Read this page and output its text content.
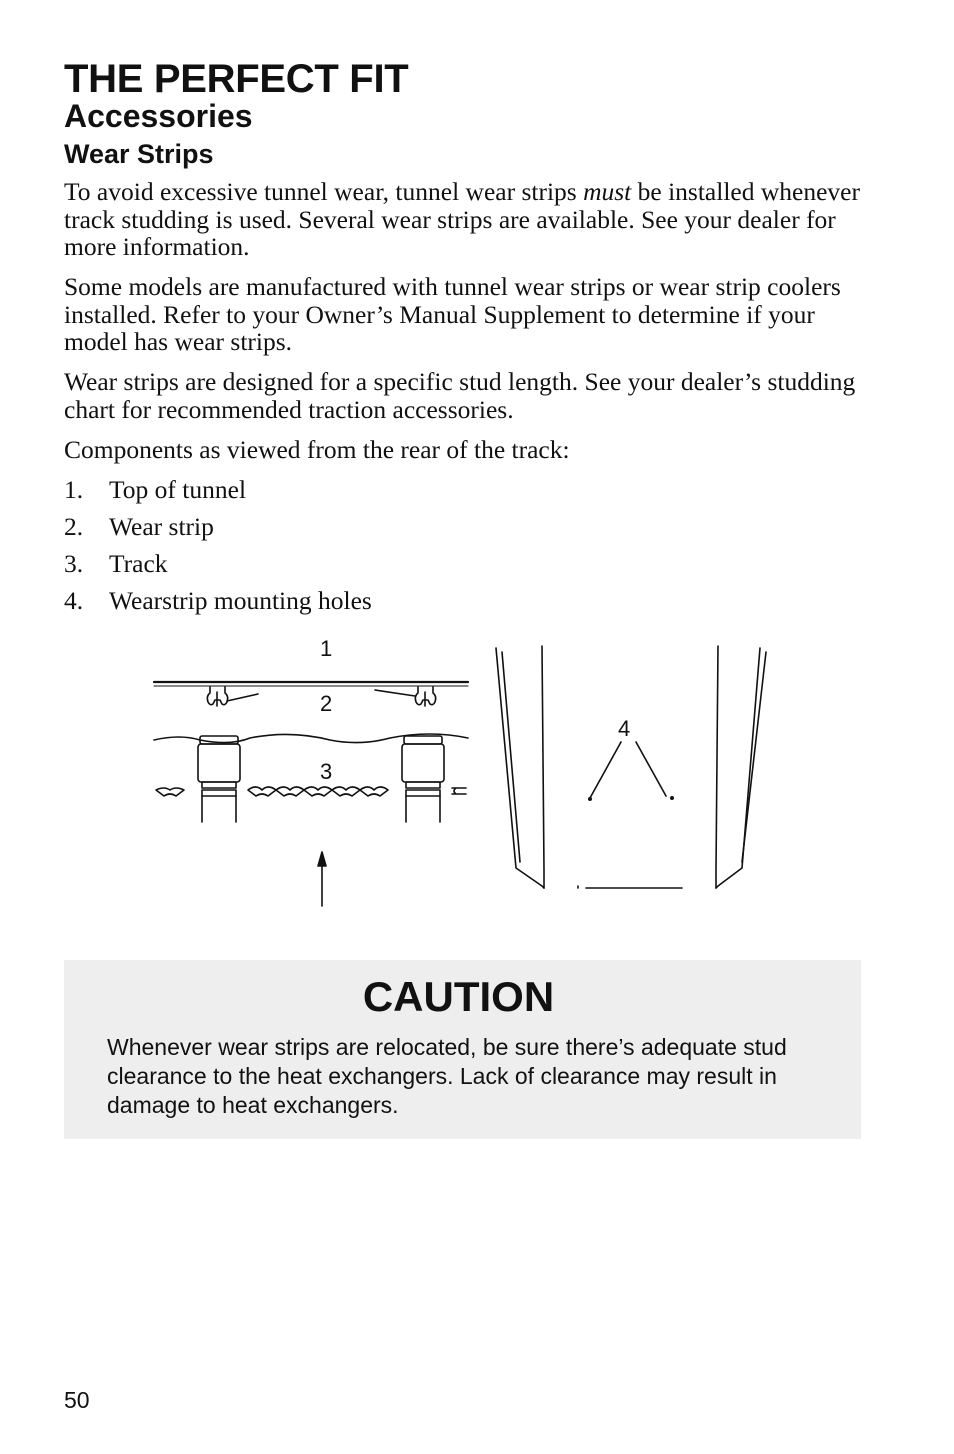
THE PERFECT FIT
Accessories
Wear Strips

To avoid excessive tunnel wear, tunnel wear strips must be installed whenever track studding is used. Several wear strips are available. See your dealer for more information.

Some models are manufactured with tunnel wear strips or wear strip coolers installed. Refer to your Owner’s Manual Supplement to determine if your model has wear strips.

Wear strips are designed for a specific stud length. See your dealer’s studding chart for recommended traction accessories.

Components as viewed from the rear of the track:

1.	Top of tunnel
2.	Wear strip
3.	Track
4.	Wearstrip mounting holes
1
2
3
4
CAUTION

Whenever wear strips are relocated, be sure there’s adequate stud clearance to the heat exchangers. Lack of clearance may result in damage to heat exchangers.

50
